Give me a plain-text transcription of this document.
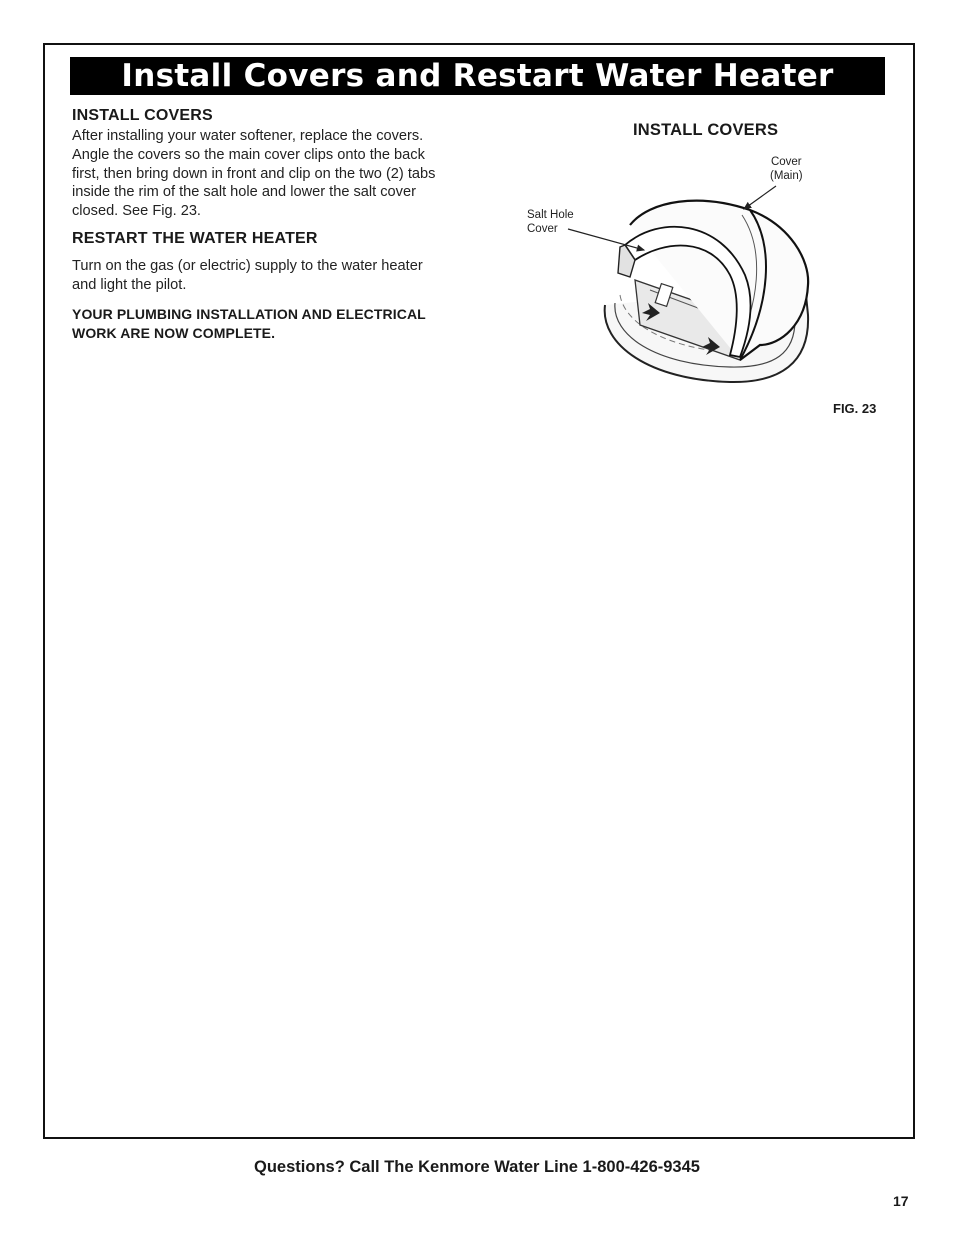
Install Covers and Restart Water Heater
INSTALL COVERS
After installing your water softener, replace the covers.
Angle the covers so the main cover clips onto the back
first, then bring down in front and clip on the two (2) tabs
inside the rim of the salt hole and lower the salt cover
closed. See Fig. 23.
RESTART THE WATER HEATER
Turn on the gas (or electric) supply to the water heater
and light the pilot.
YOUR PLUMBING INSTALLATION AND ELECTRICAL
WORK ARE NOW COMPLETE.
INSTALL COVERS
Cover
(Main)
Salt Hole
Cover
FIG. 23
Questions? Call The Kenmore Water Line 1-800-426-9345
17
